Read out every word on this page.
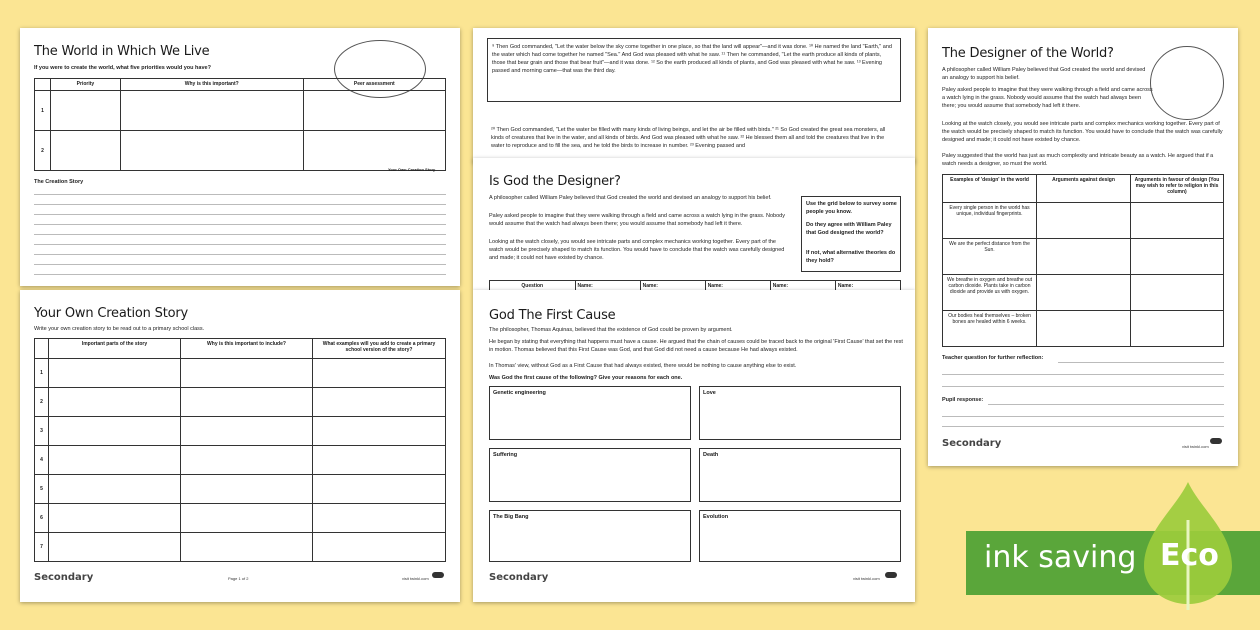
The World in Which We Live
If you were to create the world, what five priorities would you have?
	Priority	Why is this important?	Peer assessment
1			
2			
Your Own Creation Story
The Creation Story
Your Own Creation Story
Write your own creation story to be read out to a primary school class.
	Important parts of the story	Why is this important to include?	What examples will you add to create a primary school version of the story?
1			
2			
3			
4			
5			
6			
7			
Secondary	Page 1 of 2	visit twinkl.com
⁹ Then God commanded, "Let the water below the sky come together in one place, so that the land will appear"—and it was done. ¹⁰ He named the land "Earth," and the water which had come together he named "Sea." And God was pleased with what he saw. ¹¹ Then he commanded, "Let the earth produce all kinds of plants, those that bear grain and those that bear fruit"—and it was done. ¹² So the earth produced all kinds of plants, and God was pleased with what he saw. ¹³ Evening passed and morning came—that was the third day.
²⁰ Then God commanded, "Let the water be filled with many kinds of living beings, and let the air be filled with birds." ²¹ So God created the great sea monsters, all kinds of creatures that live in the water, and all kinds of birds. And God was pleased with what he saw. ²² He blessed them all and told the creatures that live in the water to reproduce and to fill the sea, and he told the birds to increase in number. ²³ Evening passed and
Is God the Designer?
A philosopher called William Paley believed that God created the world and devised an analogy to support his belief.
Paley asked people to imagine that they were walking through a field and came across a watch lying in the grass. Nobody would assume that the watch had always been there; you would assume that somebody had left it there.
Looking at the watch closely, you would see intricate parts and complex mechanics working together. Every part of the watch would be precisely shaped to match its function. You would have to conclude that the watch was carefully designed and made; it could not have existed by chance.
Use the grid below to survey some people you know.
Do they agree with William Paley that God designed the world?
If not, what alternative theories do they hold?
Question	Name:	Name:	Name:	Name:	Name:
God The First Cause
The philosopher, Thomas Aquinas, believed that the existence of God could be proven by argument.
He began by stating that everything that happens must have a cause. He argued that the chain of causes could be traced back to the original 'First Cause' that set the rest in motion. Thomas believed that this First Cause was God, and that God did not need a cause because He had always existed.
In Thomas' view, without God as a First Cause that had always existed, there would be nothing to cause anything else to exist.
Was God the first cause of the following? Give your reasons for each one.
Genetic engineering	Love
Suffering	Death
The Big Bang	Evolution
Secondary	visit twinkl.com
The Designer of the World?
A philosopher called William Paley believed that God created the world and devised an analogy to support his belief.
Paley asked people to imagine that they were walking through a field and came across a watch lying in the grass. Nobody would assume that the watch had always been there; you would assume that somebody had left it there.
Looking at the watch closely, you would see intricate parts and complex mechanics working together. Every part of the watch would be precisely shaped to match its function. You would have to conclude that the watch was carefully designed and made; it could not have existed by chance.
Paley suggested that the world has just as much complexity and intricate beauty as a watch. He argued that if a watch needs a designer, so must the world.
Examples of 'design' in the world	Arguments against design	Arguments in favour of design (You may wish to refer to religion in this column)
Every single person in the world has unique, individual fingerprints.		
We are the perfect distance from the Sun.		
We breathe in oxygen and breathe out carbon dioxide. Plants take in carbon dioxide and provide us with oxygen.		
Our bodies heal themselves – broken bones are healed within 6 weeks.		
Teacher question for further reflection:
Pupil response:
Secondary	visit twinkl.com
ink saving Eco
